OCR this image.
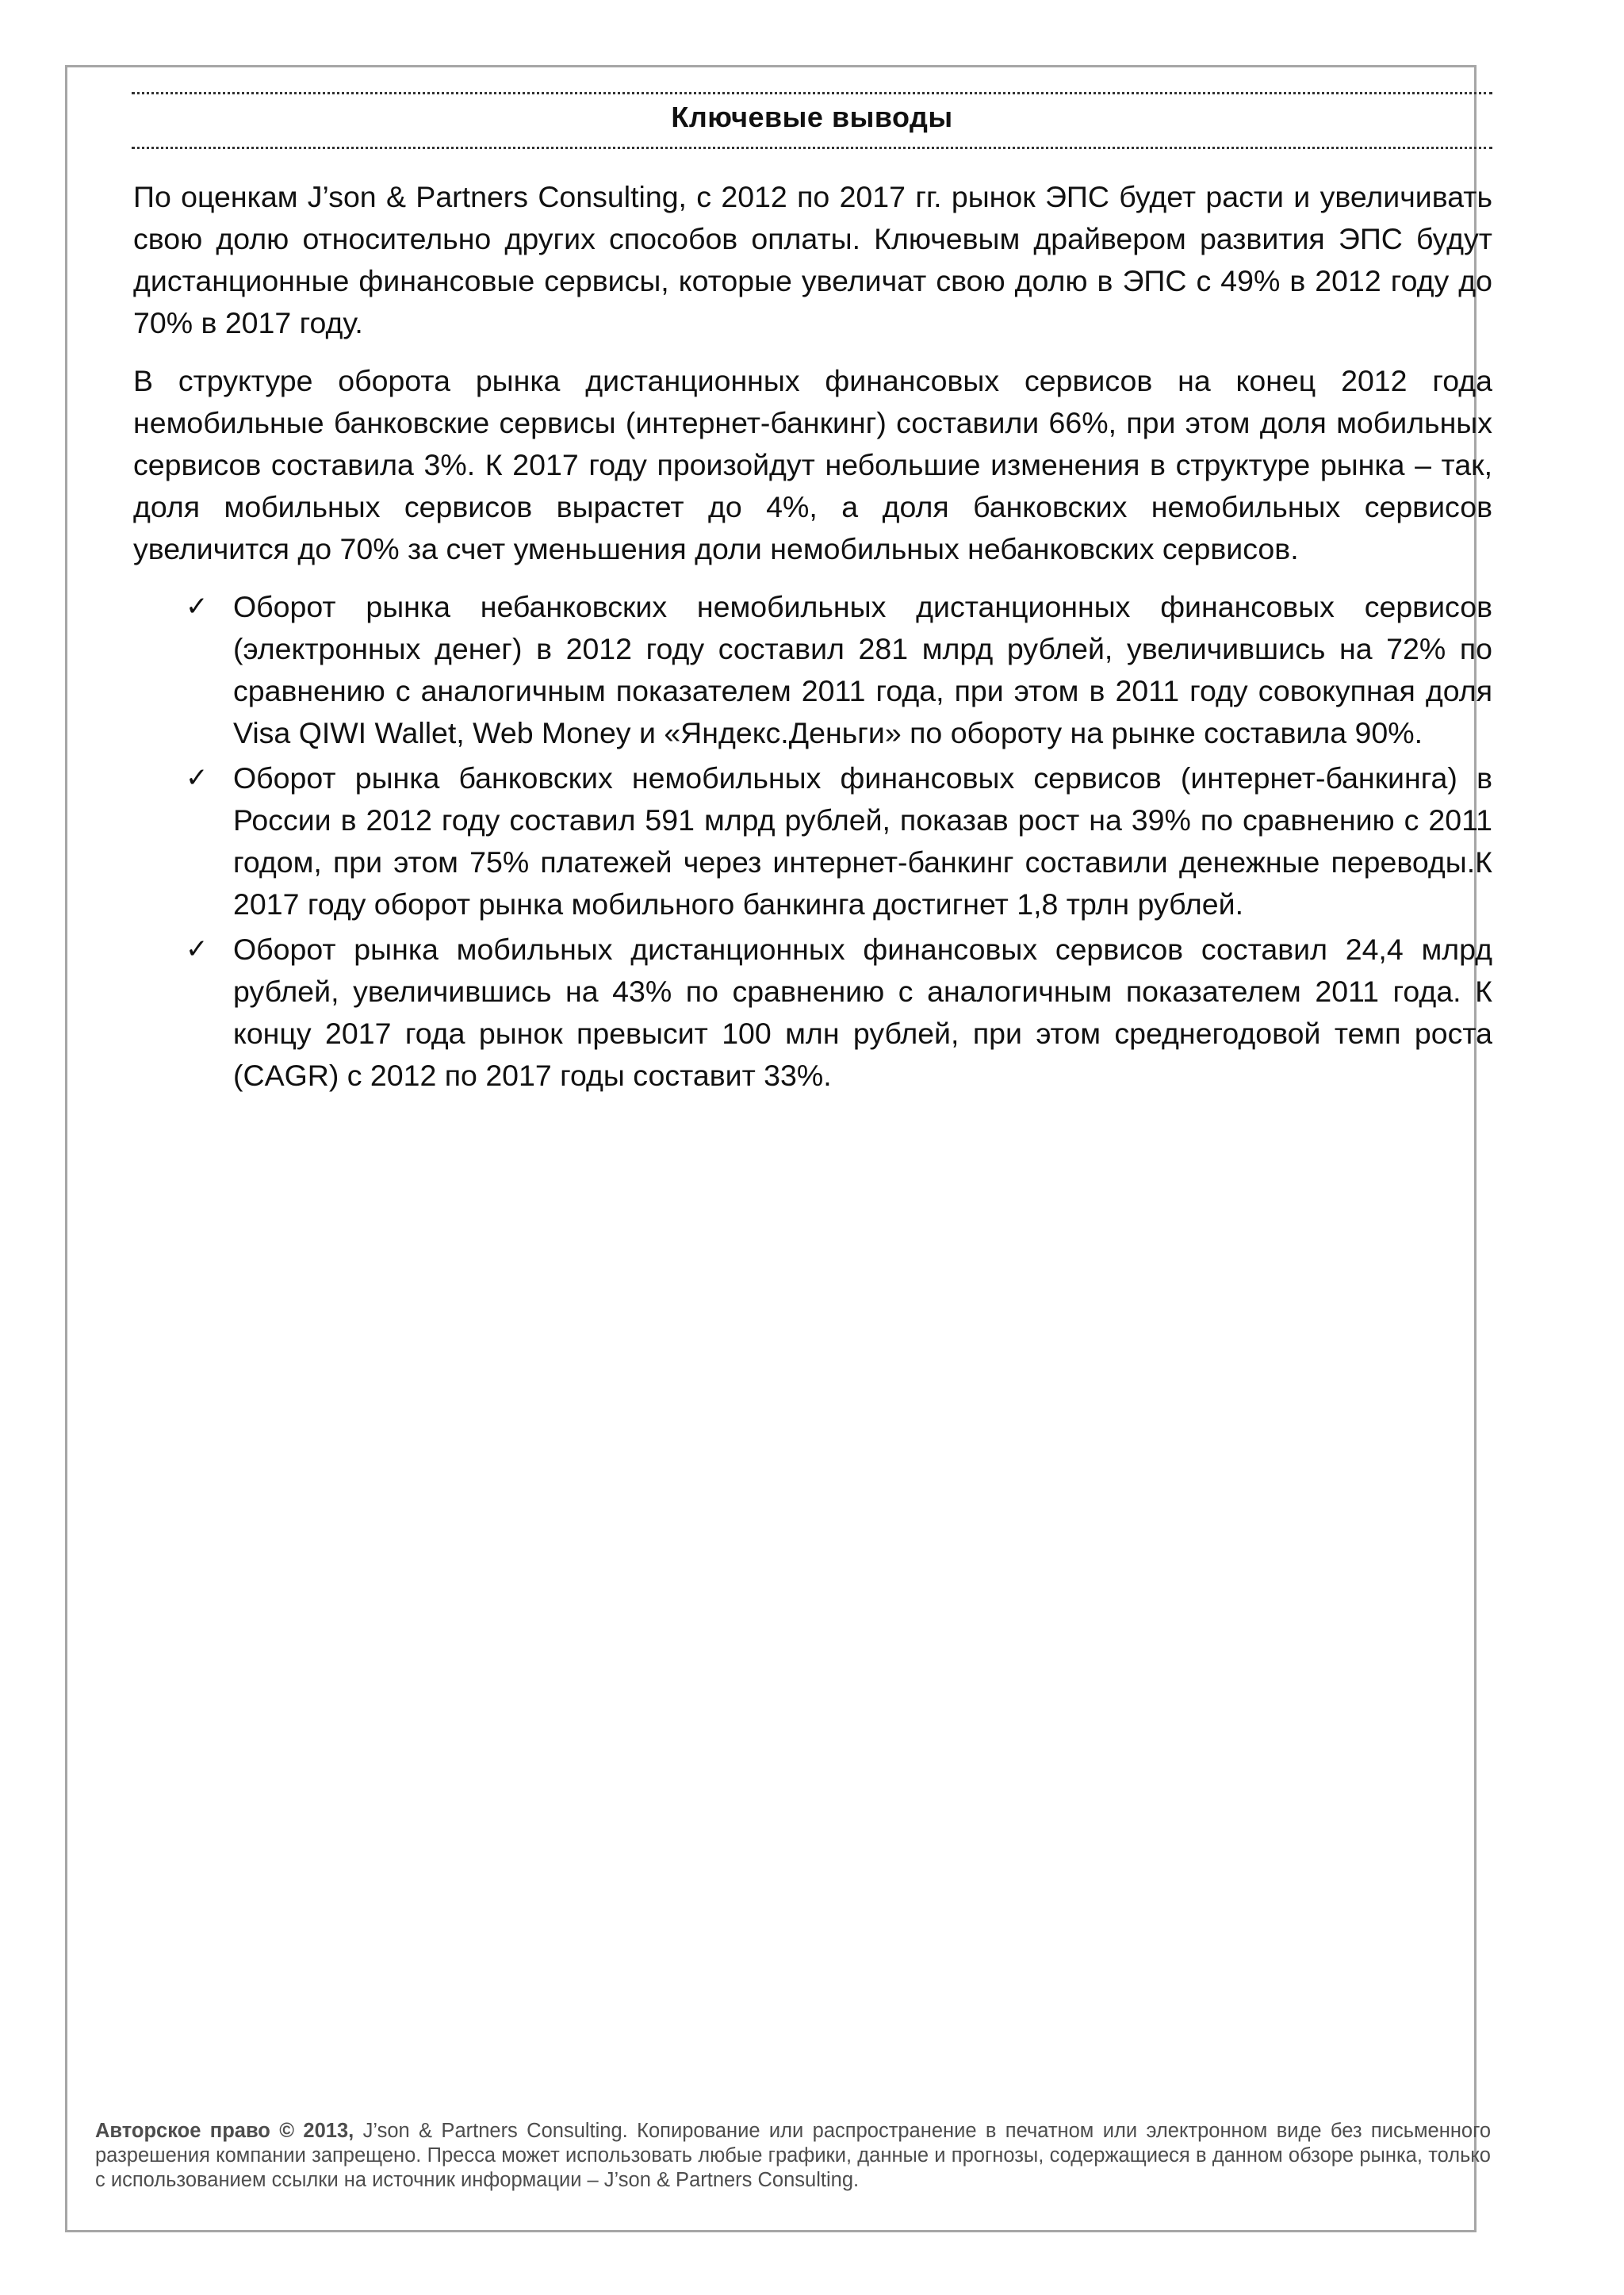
Ключевые выводы

По оценкам J’son & Partners Consulting, с 2012 по 2017 гг. рынок ЭПС будет расти и увеличивать свою долю относительно других способов оплаты. Ключевым драйвером развития ЭПС будут дистанционные финансовые сервисы, которые увеличат свою долю в ЭПС с 49% в 2012 году до 70% в 2017 году.

В структуре оборота рынка дистанционных финансовых сервисов на конец 2012 года немобильные банковские сервисы (интернет-банкинг) составили 66%, при этом доля мобильных сервисов составила 3%. К 2017 году произойдут небольшие изменения в структуре рынка – так, доля мобильных сервисов вырастет до 4%, а доля банковских немобильных сервисов увеличится до 70% за счет уменьшения доли немобильных небанковских сервисов.

✓ Оборот рынка небанковских немобильных дистанционных финансовых сервисов (электронных денег) в 2012 году составил 281 млрд рублей, увеличившись на 72% по сравнению с аналогичным показателем 2011 года, при этом в 2011 году совокупная доля Visa QIWI Wallet, Web Money и «Яндекс.Деньги» по обороту на рынке составила 90%.
✓ Оборот рынка банковских немобильных финансовых сервисов (интернет-банкинга) в России в 2012 году составил 591 млрд рублей, показав рост на 39% по сравнению с 2011 годом, при этом 75% платежей через интернет-банкинг составили денежные переводы.К 2017 году оборот рынка мобильного банкинга достигнет 1,8 трлн рублей.
✓ Оборот рынка мобильных дистанционных финансовых сервисов составил 24,4 млрд рублей, увеличившись на 43% по сравнению с аналогичным показателем 2011 года. К концу 2017 года рынок превысит 100 млн рублей, при этом среднегодовой темп роста (CAGR) с 2012 по 2017 годы составит 33%.
Авторское право © 2013, J’son & Partners Consulting. Копирование или распространение в печатном или электронном виде без письменного разрешения компании запрещено. Пресса может использовать любые графики, данные и прогнозы, содержащиеся в данном обзоре рынка, только с использованием ссылки на источник информации – J’son & Partners Consulting.
